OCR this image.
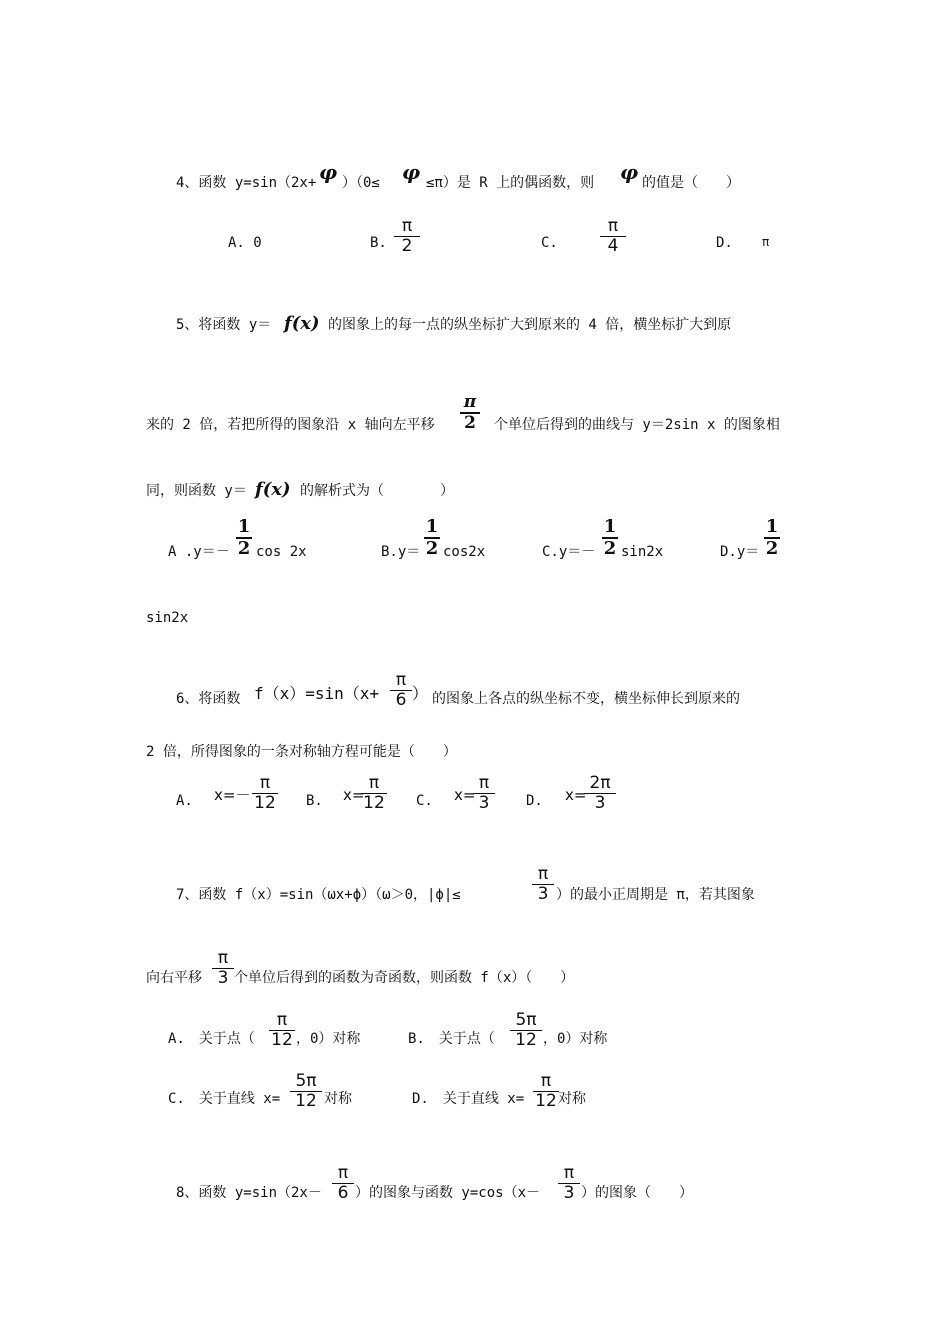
4、函数 y=sin（2x+ φ ）（0≤ φ ≤π）是 R 上的偶函数，则 φ 的值是（　　）
A. 0	B.
π
2	C.
π
4	D. π
5、将函数 y＝ f(x) 的图象上的每一点的纵坐标扩大到原来的 4 倍，横坐标扩大到原
来的 2 倍，若把所得的图象沿 x 轴向左平移
π
2 个单位后得到的曲线与 y＝2sin x 的图象相
同，则函数 y＝ f(x) 的解析式为（　　　　）
A .y＝－
1
2 cos 2x	B.y＝
1
2 cos2x	C.y＝－
1
2 sin2x	D.y＝
1
2
sin2x
6、将函数 f（x）=sin（x+
π
6 ） 的图象上各点的纵坐标不变，横坐标伸长到原来的
2 倍，所得图象的一条对称轴方程可能是（　　）
A. x=－
π
12 B. x=
π
12 C. x=
π
3	D. x=
2π
3
7、函数 f（x）=sin（ωx+ϕ）（ω＞0，|ϕ|≤
π
3 ）的最小正周期是 π，若其图象
向右平移
π
3 个单位后得到的函数为奇函数，则函数 f（x）（　　）
A.　关于点（
π
12 ，0）对称	B.　关于点（
5π
12 ，0）对称
C.　关于直线 x=
5π
12 对称	D.　关于直线 x=
π
12 对称
8、函数 y=sin（2x－
π
6 ）的图象与函数 y=cos（x－
π
3 ）的图象（　　）
